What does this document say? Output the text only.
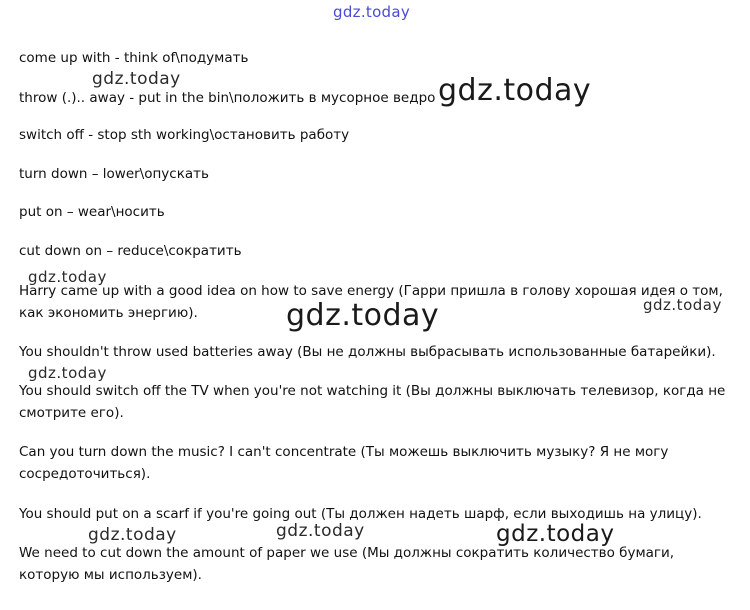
gdz.today
gdz.today	gdz.today
gdz.today
gdz.today
gdz.today
gdz.today
gdz.today	gdz.today	gdz.today
come up with - think of\подумать
throw (.).. away - put in the bin\положить в мусорное ведро
switch off - stop sth working\остановить работу
turn down – lower\опускать
put on – wear\носить
cut down on – reduce\сократить
Harry came up with a good idea on how to save energy (Гарри пришла в голову хорошая идея о том,
как экономить энергию).
You shouldn't throw used batteries away (Вы не должны выбрасывать использованные батарейки).
You should switch off the TV when you're not watching it (Вы должны выключать телевизор, когда не
смотрите его).
Can you turn down the music? I can't concentrate (Ты можешь выключить музыку? Я не могу
сосредоточиться).
You should put on a scarf if you're going out (Ты должен надеть шарф, если выходишь на улицу).
We need to cut down the amount of paper we use (Мы должны сократить количество бумаги,
которую мы используем).
